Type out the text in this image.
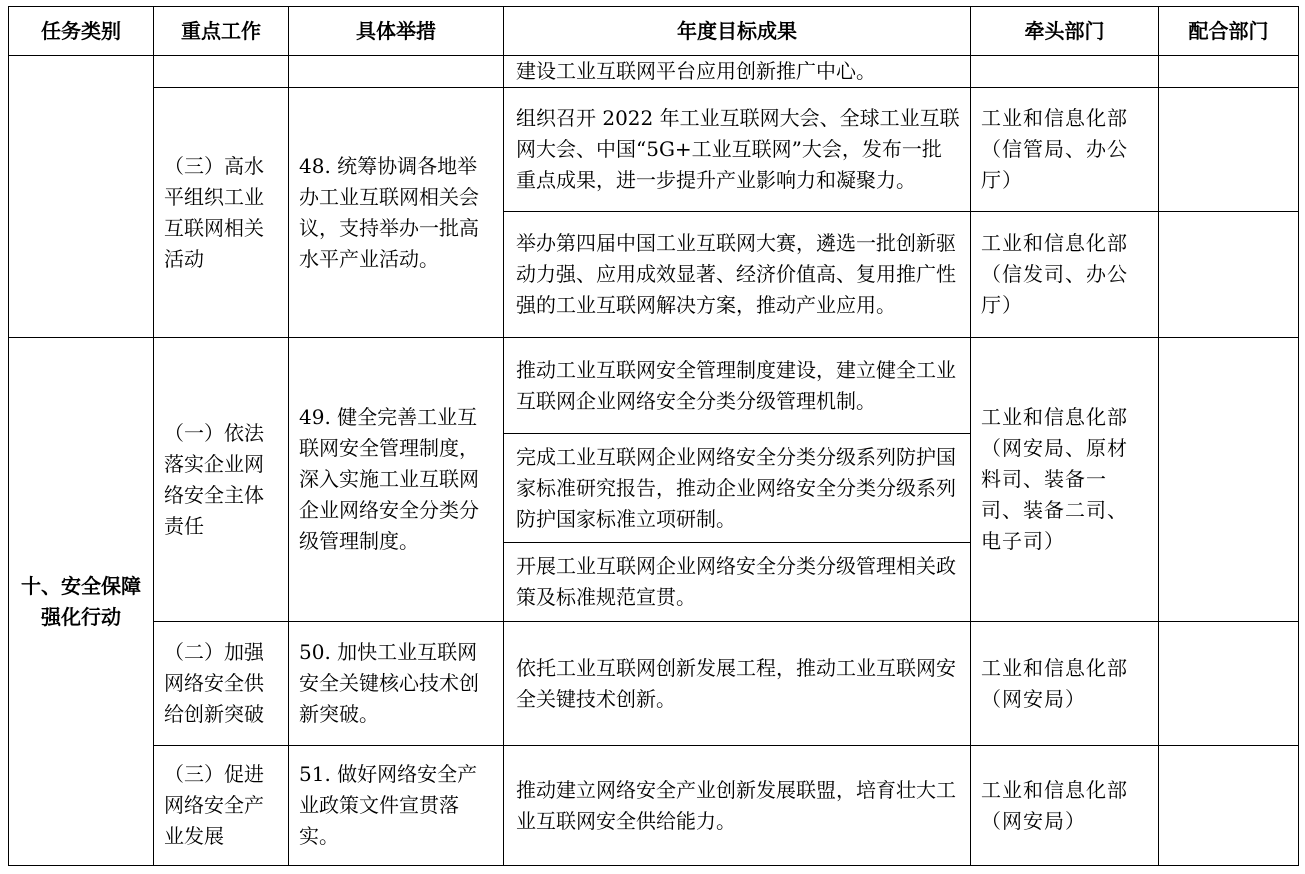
任务类别	重点工作	具体举措	年度目标成果	牵头部门	配合部门
			建设工业互联网平台应用创新推广中心。		
	（三）高水平组织工业互联网相关活动	48. 统筹协调各地举办工业互联网相关会议，支持举办一批高水平产业活动。	组织召开 2022 年工业互联网大会、全球工业互联网大会、中国“5G+工业互联网”大会，发布一批重点成果，进一步提升产业影响力和凝聚力。	工业和信息化部（信管局、办公厅）	
			举办第四届中国工业互联网大赛，遴选一批创新驱动力强、应用成效显著、经济价值高、复用推广性强的工业互联网解决方案，推动产业应用。	工业和信息化部（信发司、办公厅）	
十、安全保障强化行动	（一）依法落实企业网络安全主体责任	49. 健全完善工业互联网安全管理制度，深入实施工业互联网企业网络安全分类分级管理制度。	推动工业互联网安全管理制度建设，建立健全工业互联网企业网络安全分类分级管理机制。	工业和信息化部（网安局、原材料司、装备一司、装备二司、电子司）	
			完成工业互联网企业网络安全分类分级系列防护国家标准研究报告，推动企业网络安全分类分级系列防护国家标准立项研制。		
			开展工业互联网企业网络安全分类分级管理相关政策及标准规范宣贯。		
	（二）加强网络安全供给创新突破	50. 加快工业互联网安全关键核心技术创新突破。	依托工业互联网创新发展工程，推动工业互联网安全关键技术创新。	工业和信息化部（网安局）	
	（三）促进网络安全产业发展	51. 做好网络安全产业政策文件宣贯落实。	推动建立网络安全产业创新发展联盟，培育壮大工业互联网安全供给能力。	工业和信息化部（网安局）	
